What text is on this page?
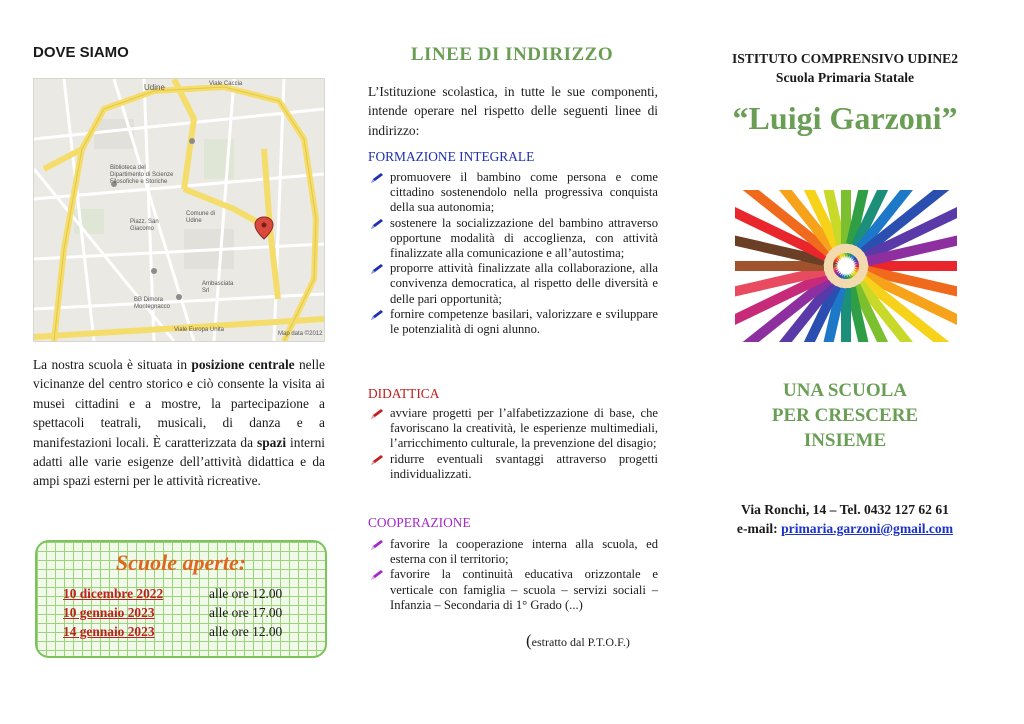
DOVE SIAMO
Udine	Viale Caccia
Biblioteca del Dipartimento di Scienze Filosofiche e Storiche
Piazz. San Giacomo
Comune di Udine
Ambasciata Srl
BB Dimora Montegnacco
Viale Europa Unita
Map data ©2012
La nostra scuola è situata in posizione centrale nelle vicinanze del centro storico e ciò consente la visita ai musei cittadini e a mostre, la partecipazione a spettacoli teatrali, musicali, di danza e a manifestazioni locali. È caratterizzata da spazi interni adatti alle varie esigenze dell’attività didattica e da ampi spazi esterni per le attività ricreative.
Scuole aperte:
10 dicembre 2022	alle ore 12.00
10 gennaio 2023	alle ore 17.00
14 gennaio 2023	alle ore 12.00
LINEE DI INDIRIZZO
L’Istituzione scolastica, in tutte le sue componenti, intende operare nel rispetto delle seguenti linee di indirizzo:
FORMAZIONE INTEGRALE
promuovere il bambino come persona e come cittadino sostenendolo nella progressiva conquista della sua autonomia;
sostenere la socializzazione del bambino attraverso opportune modalità di accoglienza, con attività finalizzate alla comunicazione e all’autostima;
proporre attività finalizzate alla collaborazione, alla convivenza democratica, al rispetto delle diversità e delle pari opportunità;
fornire competenze basilari, valorizzare e sviluppare le potenzialità di ogni alunno.
DIDATTICA
avviare progetti per l’alfabetizzazione di base, che favoriscano la creatività, le esperienze multimediali, l’arricchimento culturale, la prevenzione del disagio;
ridurre eventuali svantaggi attraverso progetti individualizzati.
COOPERAZIONE
favorire la cooperazione interna alla scuola, ed esterna con il territorio;
favorire la continuità educativa orizzontale e verticale con famiglia – scuola – servizi sociali – Infanzia – Secondaria di 1° Grado (...)
(estratto dal P.T.O.F.)
ISTITUTO COMPRENSIVO UDINE2
Scuola Primaria Statale
“Luigi Garzoni”
UNA SCUOLA
PER CRESCERE
INSIEME
Via Ronchi, 14 – Tel. 0432 127 62 61
e-mail: primaria.garzoni@gmail.com
